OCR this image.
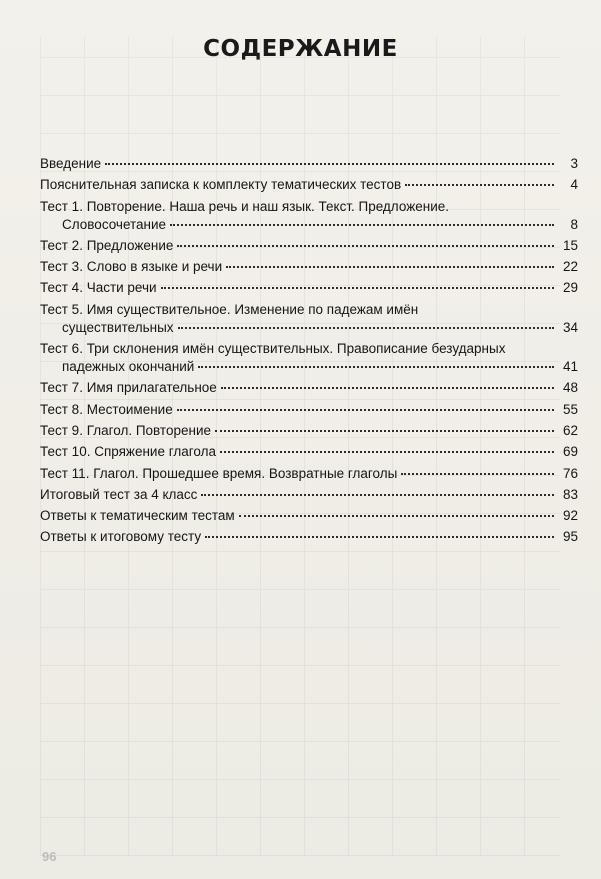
СОДЕРЖАНИЕ
Введение	3
Пояснительная записка к комплекту тематических тестов	4
Тест 1. Повторение. Наша речь и наш язык. Текст. Предложение.
Словосочетание	8
Тест 2. Предложение	15
Тест 3. Слово в языке и речи	22
Тест 4. Части речи	29
Тест 5. Имя существительное. Изменение по падежам имён
существительных	34
Тест 6. Три склонения имён существительных. Правописание безударных
падежных окончаний	41
Тест 7. Имя прилагательное	48
Тест 8. Местоимение	55
Тест 9. Глагол. Повторение	62
Тест 10. Спряжение глагола	69
Тест 11. Глагол. Прошедшее время. Возвратные глаголы	76
Итоговый тест за 4 класс	83
Ответы к тематическим тестам	92
Ответы к итоговому тесту	95
96
